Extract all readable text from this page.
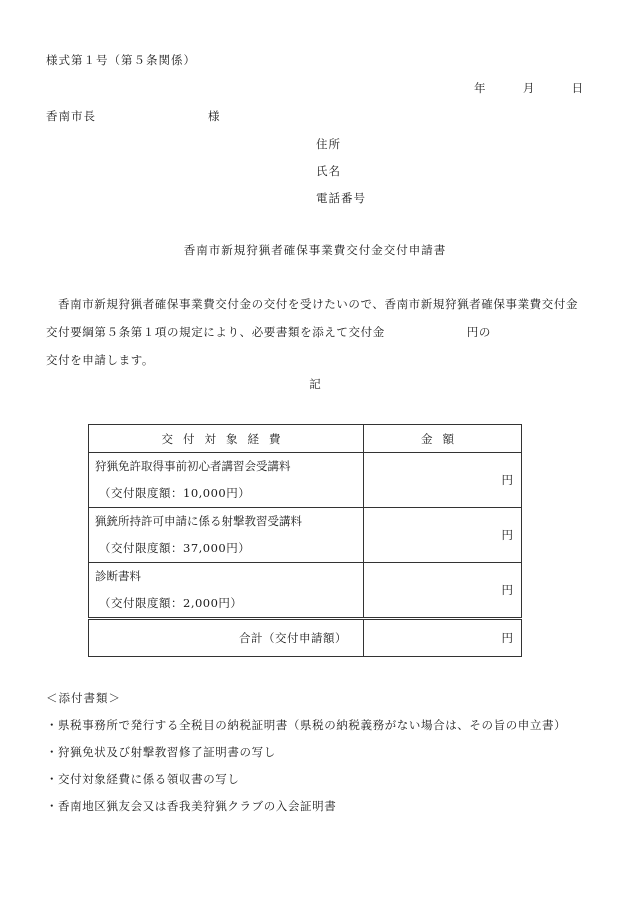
様式第１号（第５条関係）
年	月	日
香南市長	様
住所
氏名
電話番号
香南市新規狩猟者確保事業費交付金交付申請書
香南市新規狩猟者確保事業費交付金の交付を受けたいので、香南市新規狩猟者確保事業費交付金交付要綱第５条第１項の規定により、必要書類を添えて交付金	円の
交付を申請します。
記
交付対象経費	金額

狩猟免許取得事前初心者講習会受講料
（交付限度額：10,000円）	円

猟銃所持許可申請に係る射撃教習受講料
（交付限度額：37,000円）	円

診断書料
（交付限度額：2,000円）	円
合計（交付申請額）	円
＜添付書類＞
・ 県税事務所で発行する全税目の納税証明書（県税の納税義務がない場合は、その旨の申立書）
・ 狩猟免状及び射撃教習修了証明書の写し
・ 交付対象経費に係る領収書の写し
・ 香南地区猟友会又は香我美狩猟クラブの入会証明書
